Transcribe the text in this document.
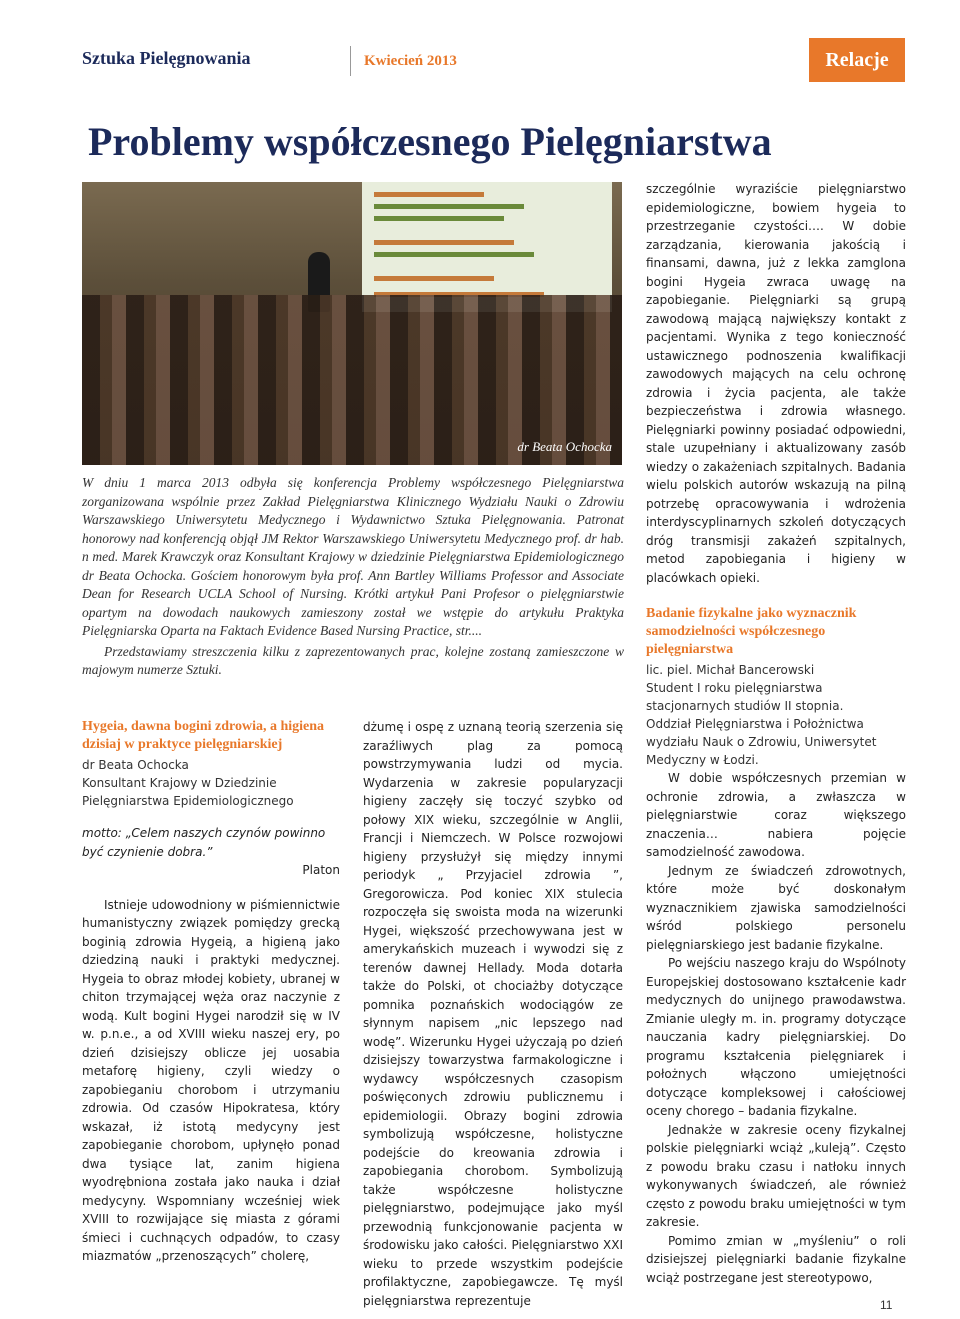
Sztuka Pielęgnowania	Kwiecień 2013	Relacje
Problemy współczesnego Pielęgniarstwa
dr Beata Ochocka

W dniu 1 marca 2013 odbyła się konferencja Problemy współczesnego Pielęgniarstwa zorganizowana wspólnie przez Zakład Pielęgniarstwa Klinicznego Wydziału Nauki o Zdrowiu Warszawskiego Uniwersytetu Medycznego i Wydawnictwo Sztuka Pielęgnowania. Patronat honorowy nad konferencją objął JM Rektor Warszawskiego Uniwersytetu Medycznego prof. dr hab. n med. Marek Krawczyk oraz Konsultant Krajowy w dziedzinie Pielęgniarstwa Epidemiologicznego dr Beata Ochocka. Gościem honorowym była prof. Ann Bartley Williams Professor and Associate Dean for Research UCLA School of Nursing. Krótki artykuł Pani Profesor o pielęgniarstwie opartym na dowodach naukowych zamieszony został we wstępie do artykułu Praktyka Pielęgniarska Oparta na Faktach Evidence Based Nursing Practice, str....

Przedstawiamy streszczenia kilku z zaprezentowanych prac, kolejne zostaną zamieszczone w majowym numerze Sztuki.

Hygeia, dawna bogini zdrowia, a higiena dzisiaj w praktyce pielęgniarskiej
dr Beata Ochocka
Konsultant Krajowy w Dziedzinie Pielęgniarstwa Epidemiologicznego
motto: „Celem naszych czynów powinno być czynienie dobra.”
Platon

Istnieje udowodniony w piśmiennictwie humanistyczny związek pomiędzy grecką boginią zdrowia Hygeią, a higieną jako dziedziną nauki i praktyki medycznej. Hygeia to obraz młodej kobiety, ubranej w chiton trzymającej węża oraz naczynie z wodą. Kult bogini Hygei narodził się w IV w. p.n.e., a od XVIII wieku naszej ery, po dzień dzisiejszy oblicze jej uosabia metaforę higieny, czyli wiedzy o zapobieganiu chorobom i utrzymaniu zdrowia. Od czasów Hipokratesa, który wskazał, iż istotą medycyny jest zapobieganie chorobom, upłynęło ponad dwa tysiące lat, zanim higiena wyodrębniona została jako nauka i dział medycyny. Wspomniany wcześniej wiek XVIII to rozwijające się miasta z górami śmieci i cuchnących odpadów, to czasy miazmatów „przenoszących” cholerę,

dżumę i ospę z uznaną teorią szerzenia się zaraźliwych plag za pomocą powstrzymywania ludzi od mycia. Wydarzenia w zakresie popularyzacji higieny zaczęły się toczyć szybko od połowy XIX wieku, szczególnie w Anglii, Francji i Niemczech. W Polsce rozwojowi higieny przysłużył się między innymi periodyk „ Przyjaciel zdrowia ”, Gregorowicza. Pod koniec XIX stulecia rozpoczęła się swoista moda na wizerunki Hygei, większość przechowywana jest w amerykańskich muzeach i wywodzi się z terenów dawnej Hellady. Moda dotarła także do Polski, ot chociażby dotyczące pomnika poznańskich wodociągów ze słynnym napisem „nic lepszego nad wodę”. Wizerunku Hygei użyczają po dzień dzisiejszy towarzystwa farmakologiczne i wydawcy współczesnych czasopism poświęconych zdrowiu publicznemu i epidemiologii. Obrazy bogini zdrowia symbolizują współczesne, holistyczne podejście do kreowania zdrowia i zapobiegania chorobom. Symbolizują także współczesne holistyczne pielęgniarstwo, podejmujące jako myśl przewodnią funkcjonowanie pacjenta w środowisku jako całości. Pielęgniarstwo XXI wieku to przede wszystkim podejście profilaktyczne, zapobiegawcze. Tę myśl pielęgniarstwa reprezentuje

szczególnie wyraziście pielęgniarstwo epidemiologiczne, bowiem hygeia to przestrzeganie czystości…. W dobie zarządzania, kierowania jakością i finansami, dawna, już z lekka zamglona bogini Hygeia zwraca uwagę na zapobieganie. Pielęgniarki są grupą zawodową mającą największy kontakt z pacjentami. Wynika z tego konieczność ustawicznego podnoszenia kwalifikacji zawodowych mających na celu ochronę zdrowia i życia pacjenta, ale także bezpieczeństwa i zdrowia własnego. Pielęgniarki powinny posiadać odpowiedni, stale uzupełniany i aktualizowany zasób wiedzy o zakażeniach szpitalnych. Badania wielu polskich autorów wskazują na pilną potrzebę opracowywania i wdrożenia interdyscyplinarnych szkoleń dotyczących dróg transmisji zakażeń szpitalnych, metod zapobiegania i higieny w placówkach opieki.

Badanie fizykalne jako wyznacznik samodzielności współczesnego pielęgniarstwa
lic. piel. Michał Bancerowski
Student I roku pielęgniarstwa stacjonarnych studiów II stopnia.
Oddział Pielęgniarstwa i Położnictwa wydziału Nauk o Zdrowiu, Uniwersytet Medyczny w Łodzi.

W dobie współczesnych przemian w ochronie zdrowia, a zwłaszcza w pielęgniarstwie coraz większego znaczenia… nabiera pojęcie samodzielność zawodowa.

Jednym ze świadczeń zdrowotnych, które może być doskonałym wyznacznikiem zjawiska samodzielności wśród polskiego personelu pielęgniarskiego jest badanie fizykalne.

Po wejściu naszego kraju do Wspólnoty Europejskiej dostosowano kształcenie kadr medycznych do unijnego prawodawstwa. Zmianie uległy m. in. programy dotyczące nauczania kadry pielęgniarskiej. Do programu kształcenia pielęgniarek i położnych włączono umiejętności dotyczące kompleksowej i całościowej oceny chorego – badania fizykalne.

Jednakże w zakresie oceny fizykalnej polskie pielęgniarki wciąż „kuleją”. Często z powodu braku czasu i natłoku innych wykonywanych świadczeń, ale również często z powodu braku umiejętności w tym zakresie.

Pomimo zmian w „myśleniu” o roli dzisiejszej pielęgniarki badanie fizykalne wciąż postrzegane jest stereotypowo,

11
